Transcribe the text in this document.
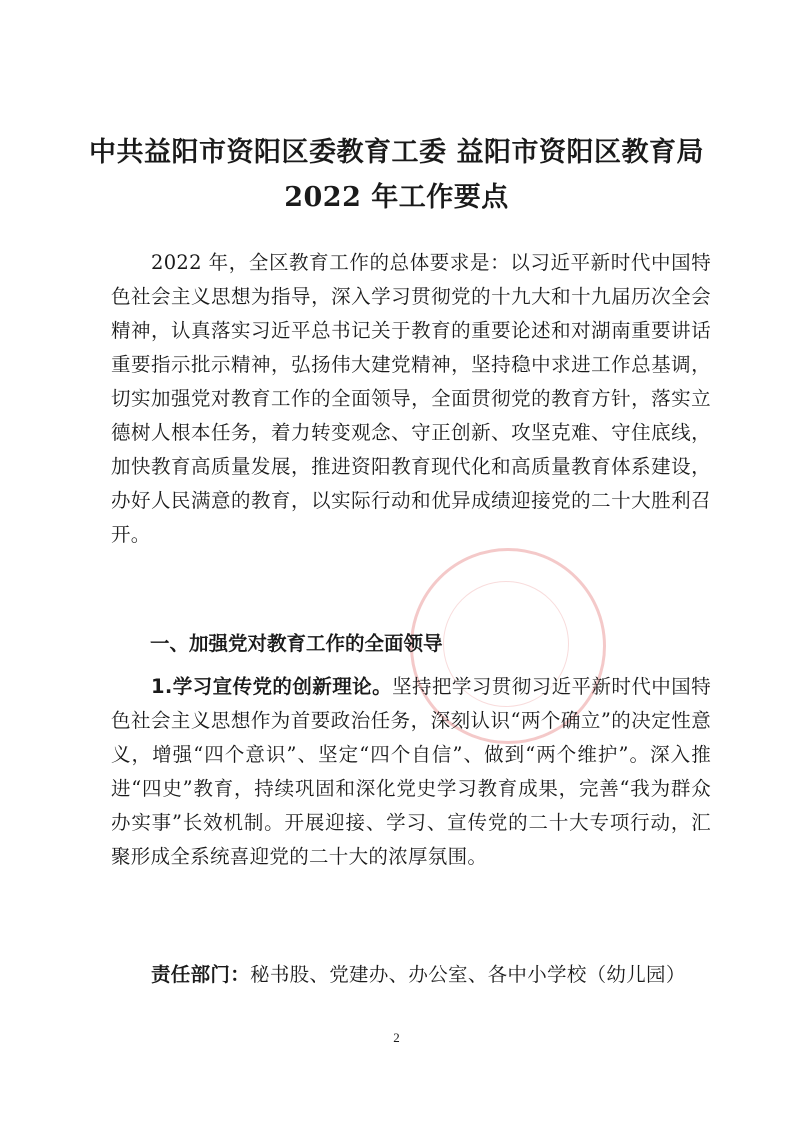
中共益阳市资阳区委教育工委 益阳市资阳区教育局
2022 年工作要点

2022 年，全区教育工作的总体要求是：以习近平新时代中国特色社会主义思想为指导，深入学习贯彻党的十九大和十九届历次全会精神，认真落实习近平总书记关于教育的重要论述和对湖南重要讲话重要指示批示精神，弘扬伟大建党精神，坚持稳中求进工作总基调，切实加强党对教育工作的全面领导，全面贯彻党的教育方针，落实立德树人根本任务，着力转变观念、守正创新、攻坚克难、守住底线，加快教育高质量发展，推进资阳教育现代化和高质量教育体系建设，办好人民满意的教育，以实际行动和优异成绩迎接党的二十大胜利召开。

一、加强党对教育工作的全面领导

1.学习宣传党的创新理论。坚持把学习贯彻习近平新时代中国特色社会主义思想作为首要政治任务，深刻认识“两个确立”的决定性意义，增强“四个意识”、坚定“四个自信”、做到“两个维护”。深入推进“四史”教育，持续巩固和深化党史学习教育成果，完善“我为群众办实事”长效机制。开展迎接、学习、宣传党的二十大专项行动，汇聚形成全系统喜迎党的二十大的浓厚氛围。

责任部门：秘书股、党建办、办公室、各中小学校（幼儿园）

2
